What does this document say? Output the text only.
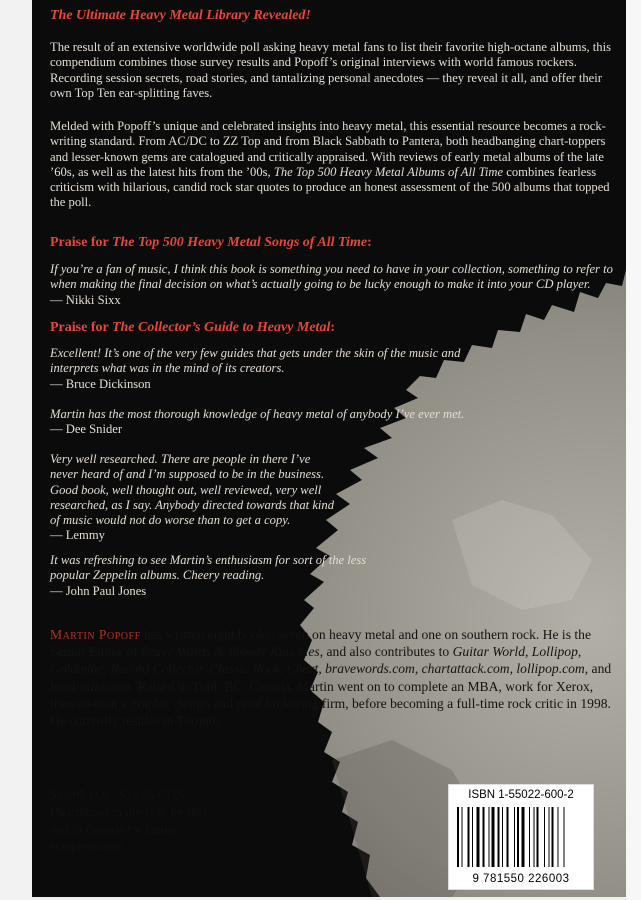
The Ultimate Heavy Metal Library Revealed!

The result of an extensive worldwide poll asking heavy metal fans to list their favorite high-octane albums, this compendium combines those survey results and Popoff’s original interviews with world famous rockers. Recording session secrets, road stories, and tantalizing personal anecdotes — they reveal it all, and offer their own Top Ten ear-splitting faves.

Melded with Popoff’s unique and celebrated insights into heavy metal, this essential resource becomes a rock-writing standard. From AC/DC to ZZ Top and from Black Sabbath to Pantera, both headbanging chart-toppers and lesser-known gems are catalogued and critically appraised. With reviews of early metal albums of the late ’60s, as well as the latest hits from the ’00s, The Top 500 Heavy Metal Albums of All Time combines fearless criticism with hilarious, candid rock star quotes to produce an honest assessment of the 500 albums that topped the poll.

Praise for The Top 500 Heavy Metal Songs of All Time:

If you’re a fan of music, I think this book is something you need to have in your collection, something to refer to when making the final decision on what’s actually going to be lucky enough to make it into your CD player.

— Nikki Sixx

Praise for The Collector’s Guide to Heavy Metal:

Excellent! It’s one of the very few guides that gets under the skin of the music and interprets what was in the mind of its creators.

— Bruce Dickinson

Martin has the most thorough knowledge of heavy metal of anybody I’ve ever met.

— Dee Snider

Very well researched. There are people in there I’ve never heard of and I’m supposed to be in the business. Good book, well thought out, well reviewed, very well researched, as I say. Anybody directed towards that kind of music would not do worse than to get a copy.

— Lemmy

It was refreshing to see Martin’s enthusiasm for sort of the less popular Zeppelin albums. Cheery reading.

— John Paul Jones

Martin Popoff has written eight books; seven on heavy metal and one on southern rock. He is the Senior Editor of Brave Words & Bloody Knuckles, and also contributes to Guitar World, Lollipop, Goldmine, Record Collector, Classic Rock, Chart, bravewords.com, chartattack.com, lollipop.com, and hardradio.com. Raised in Trail, BC, Canada, Martin went on to complete an MBA, work for Xerox, then co-own a graphic design and print brokering firm, before becoming a full-time rock critic in 1998. He currently resides in Toronto.

$19.95 U.S., $24.95 CDN

Distributed in the U.S. by IPG

and in Canada by Jaguar

ecwpress.com

ISBN 1-55022-600-2
9 781550 226003
